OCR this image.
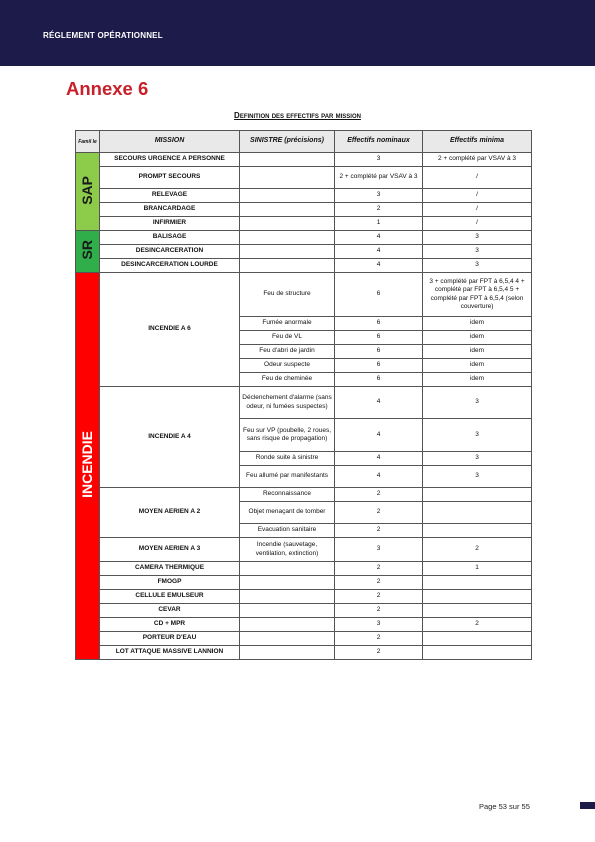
RÉGLEMENT OPÉRATIONNEL
Annexe 6
Definition des effectifs par mission
Famil le	MISSION	SINISTRE (précisions)	Effectifs nominaux	Effectifs minima
SAP	SECOURS URGENCE A PERSONNE		3	2 + complété par VSAV à 3
	PROMPT SECOURS		2 + complété par VSAV à 3	/
	RELEVAGE		3	/
	BRANCARDAGE		2	/
	INFIRMIER		1	/
SR	BALISAGE		4	3
	DESINCARCERATION		4	3
	DESINCARCERATION LOURDE		4	3
INCENDIE	INCENDIE A 6	Feu de structure	6	3 + complété par FPT à 6,5,4 4 + complété par FPT à 6,5,4 5 + complété par FPT à 6,5,4 (selon couverture)
		Fumée anormale	6	idem
		Feu de VL	6	idem
		Feu d'abri de jardin	6	idem
		Odeur suspecte	6	idem
		Feu de cheminée	6	idem
	INCENDIE A 4	Déclenchement d'alarme (sans odeur, ni fumées suspectes)	4	3
		Feu sur VP (poubelle, 2 roues, sans risque de propagation)	4	3
		Ronde suite à sinistre	4	3
		Feu allumé par manifestants	4	3
	MOYEN AERIEN A 2	Reconnaissance	2	
		Objet menaçant de tomber	2	
		Evacuation sanitaire	2	
	MOYEN AERIEN A 3	Incendie (sauvetage, ventilation, extinction)	3	2
	CAMERA THERMIQUE		2	1
	FMOGP		2	
	CELLULE EMULSEUR		2	
	CEVAR		2	
	CD + MPR		3	2
	PORTEUR D'EAU		2	
	LOT ATTAQUE MASSIVE LANNION		2	
Page 53 sur 55
